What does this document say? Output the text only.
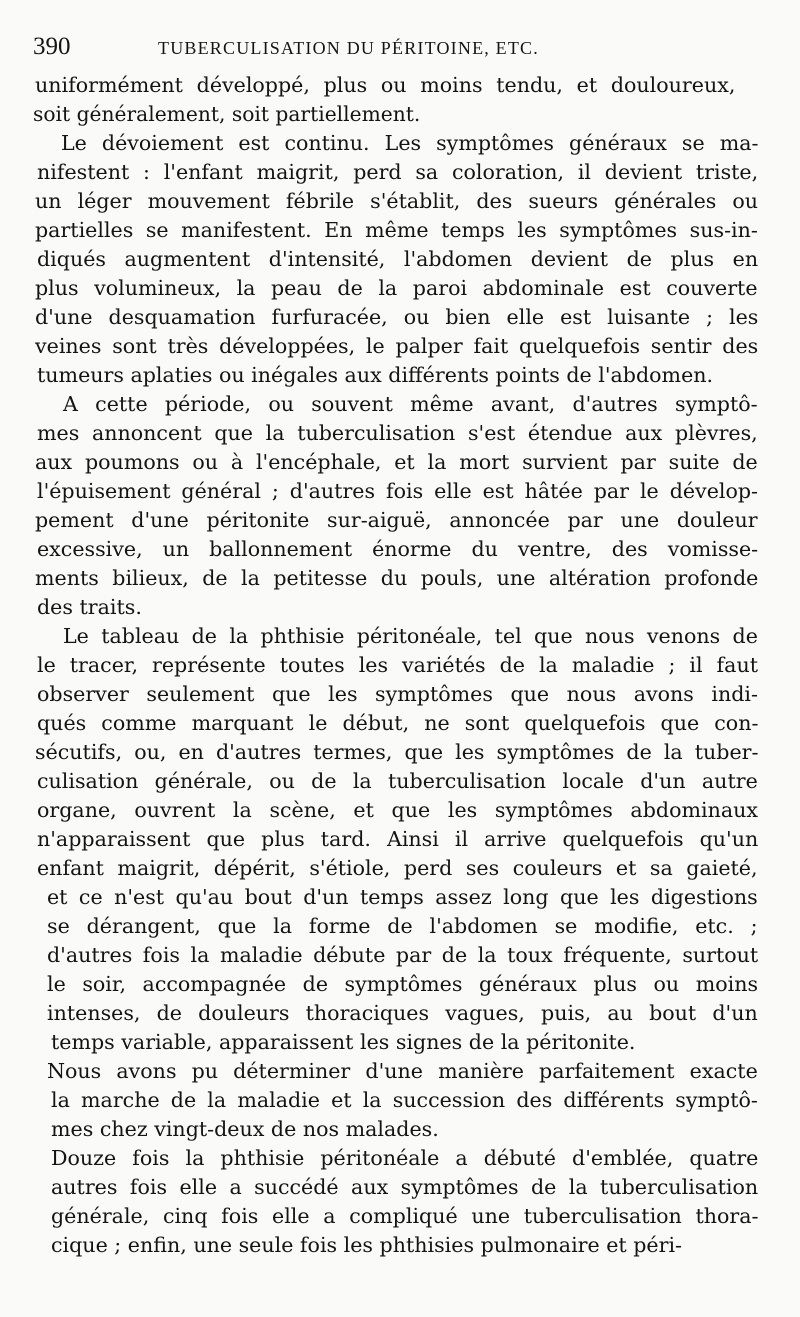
390	TUBERCULISATION DU PÉRITOINE, ETC.
uniformément développé, plus ou moins tendu, et douloureux,
soit généralement, soit partiellement.
Le dévoiement est continu. Les symptômes généraux se ma-
nifestent : l'enfant maigrit, perd sa coloration, il devient triste,
un léger mouvement fébrile s'établit, des sueurs générales ou
partielles se manifestent. En même temps les symptômes sus-in-
diqués augmentent d'intensité, l'abdomen devient de plus en
plus volumineux, la peau de la paroi abdominale est couverte
d'une desquamation furfuracée, ou bien elle est luisante ; les
veines sont très développées, le palper fait quelquefois sentir des
tumeurs aplaties ou inégales aux différents points de l'abdomen.
A cette période, ou souvent même avant, d'autres symptô-
mes annoncent que la tuberculisation s'est étendue aux plèvres,
aux poumons ou à l'encéphale, et la mort survient par suite de
l'épuisement général ; d'autres fois elle est hâtée par le dévelop-
pement d'une péritonite sur-aiguë, annoncée par une douleur
excessive, un ballonnement énorme du ventre, des vomisse-
ments bilieux, de la petitesse du pouls, une altération profonde
des traits.
Le tableau de la phthisie péritonéale, tel que nous venons de
le tracer, représente toutes les variétés de la maladie ; il faut
observer seulement que les symptômes que nous avons indi-
qués comme marquant le début, ne sont quelquefois que con-
sécutifs, ou, en d'autres termes, que les symptômes de la tuber-
culisation générale, ou de la tuberculisation locale d'un autre
organe, ouvrent la scène, et que les symptômes abdominaux
n'apparaissent que plus tard. Ainsi il arrive quelquefois qu'un
enfant maigrit, dépérit, s'étiole, perd ses couleurs et sa gaieté,
et ce n'est qu'au bout d'un temps assez long que les digestions
se dérangent, que la forme de l'abdomen se modifie, etc. ;
d'autres fois la maladie débute par de la toux fréquente, surtout
le soir, accompagnée de symptômes généraux plus ou moins
intenses, de douleurs thoraciques vagues, puis, au bout d'un
temps variable, apparaissent les signes de la péritonite.
Nous avons pu déterminer d'une manière parfaitement exacte
la marche de la maladie et la succession des différents symptô-
mes chez vingt-deux de nos malades.
Douze fois la phthisie péritonéale a débuté d'emblée, quatre
autres fois elle a succédé aux symptômes de la tuberculisation
générale, cinq fois elle a compliqué une tuberculisation thora-
cique ; enfin, une seule fois les phthisies pulmonaire et péri-
